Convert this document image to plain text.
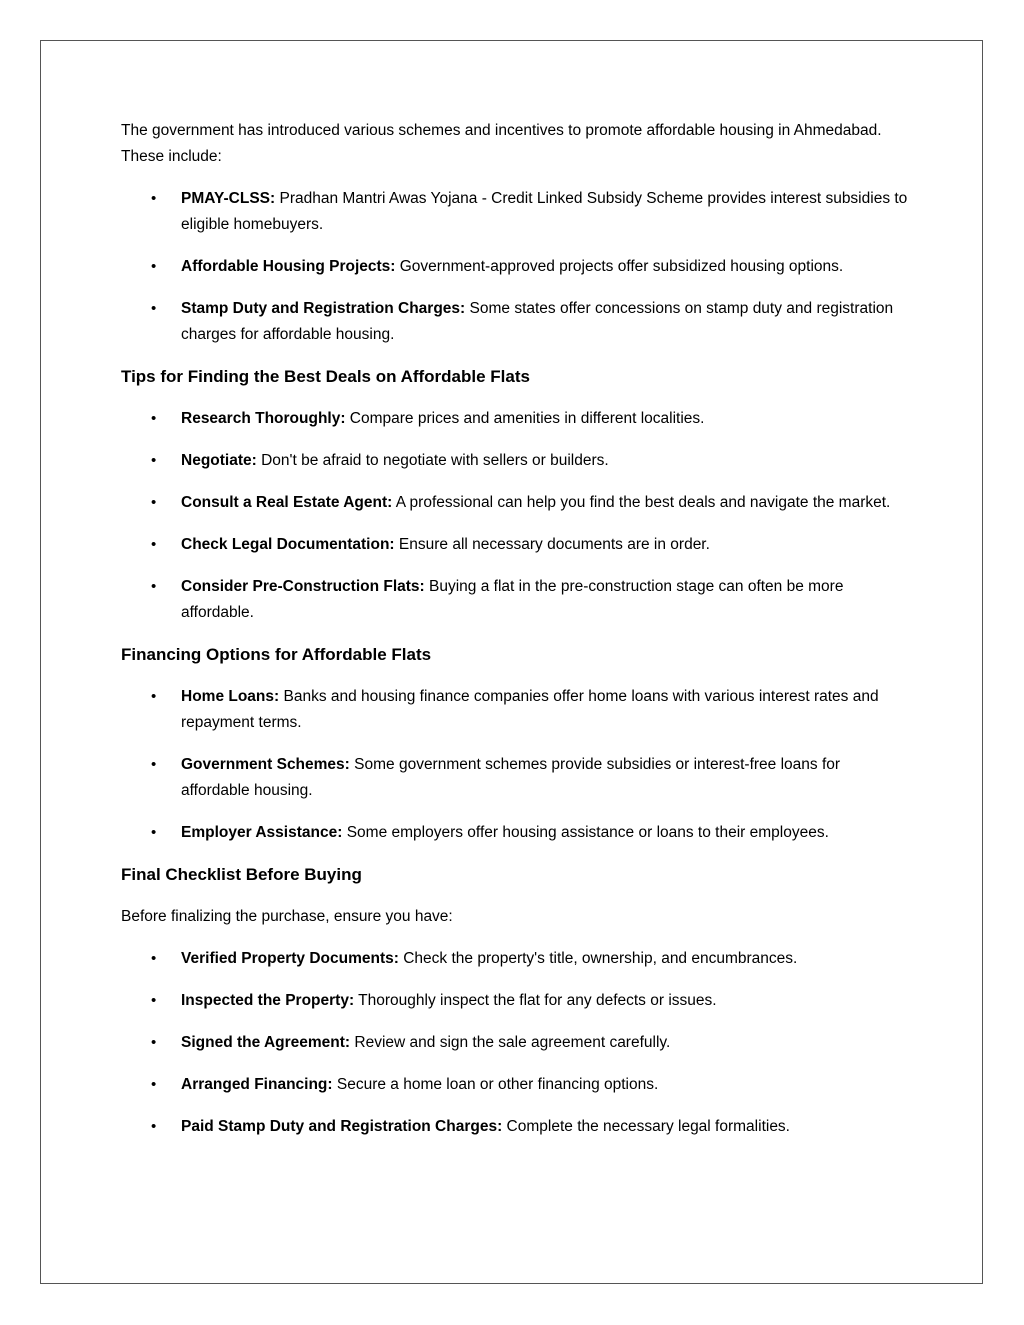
The government has introduced various schemes and incentives to promote affordable housing in Ahmedabad. These include:

• PMAY-CLSS: Pradhan Mantri Awas Yojana - Credit Linked Subsidy Scheme provides interest subsidies to eligible homebuyers.
• Affordable Housing Projects: Government-approved projects offer subsidized housing options.
• Stamp Duty and Registration Charges: Some states offer concessions on stamp duty and registration charges for affordable housing.
Tips for Finding the Best Deals on Affordable Flats
• Research Thoroughly: Compare prices and amenities in different localities.
• Negotiate: Don't be afraid to negotiate with sellers or builders.
• Consult a Real Estate Agent: A professional can help you find the best deals and navigate the market.
• Check Legal Documentation: Ensure all necessary documents are in order.
• Consider Pre-Construction Flats: Buying a flat in the pre-construction stage can often be more affordable.
Financing Options for Affordable Flats
• Home Loans: Banks and housing finance companies offer home loans with various interest rates and repayment terms.
• Government Schemes: Some government schemes provide subsidies or interest-free loans for affordable housing.
• Employer Assistance: Some employers offer housing assistance or loans to their employees.
Final Checklist Before Buying

Before finalizing the purchase, ensure you have:

• Verified Property Documents: Check the property's title, ownership, and encumbrances.
• Inspected the Property: Thoroughly inspect the flat for any defects or issues.
• Signed the Agreement: Review and sign the sale agreement carefully.
• Arranged Financing: Secure a home loan or other financing options.
• Paid Stamp Duty and Registration Charges: Complete the necessary legal formalities.
